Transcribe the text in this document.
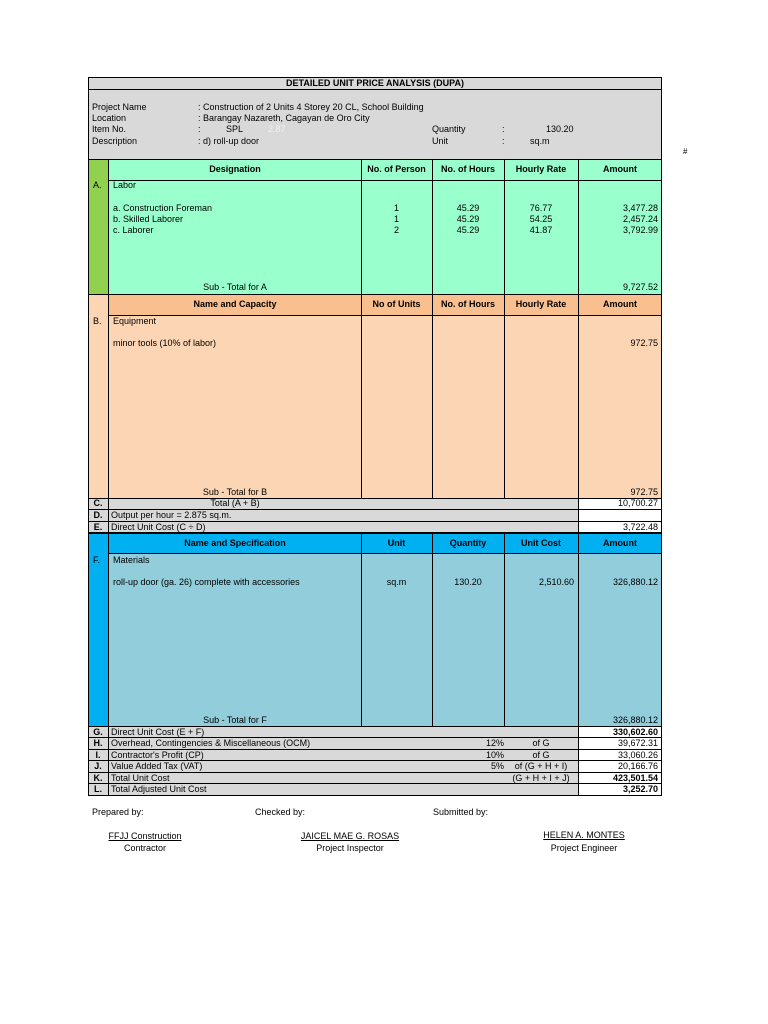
DETAILED UNIT PRICE ANALYSIS (DUPA)
Project Name	: Construction of 2 Units 4 Storey 20 CL, School Building
Location	: Barangay Nazareth, Cagayan de Oro City
Item No.	:	SPL	2.87	Quantity	:	130.20
Description	: d) roll-up door	Unit	:	sq.m
#
Designation	No. of Person	No. of Hours	Hourly Rate	Amount
A. Labor
a. Construction Foreman	1	45.29	76.77	3,477.28
b. Skilled Laborer	1	45.29	54.25	2,457.24
c. Laborer	2	45.29	41.87	3,792.99
Sub - Total for A	9,727.52
Name and Capacity	No of Units	No. of Hours	Hourly Rate	Amount
B. Equipment
minor tools (10% of labor)	972.75
Sub - Total for B	972.75
C.	Total (A + B)	10,700.27
D. Output per hour = 2.875 sq.m.
E. Direct Unit Cost (C ÷ D)	3,722.48
Name and Specification	Unit	Quantity	Unit Cost	Amount
F. Materials
roll-up door (ga. 26) complete with accessories	sq.m	130.20	2,510.60	326,880.12
Sub - Total for F	326,880.12
G. Direct Unit Cost (E + F)	330,602.60
H. Overhead, Contingencies & Miscellaneous (OCM)	12%	of G	39,672.31
I.	Contractor's Profit (CP)	10%	of G	33,060.26
J.	Value Added Tax (VAT)	5%	of (G + H + I)	20,166.76
K. Total Unit Cost	(G + H + I + J)	423,501.54
L.	Total Adjusted Unit Cost	3,252.70
Prepared by:	Checked by:	Submitted by:
FFJJ Construction
Contractor
JAICEL MAE G. ROSAS
Project Inspector
HELEN A. MONTES
Project Engineer
